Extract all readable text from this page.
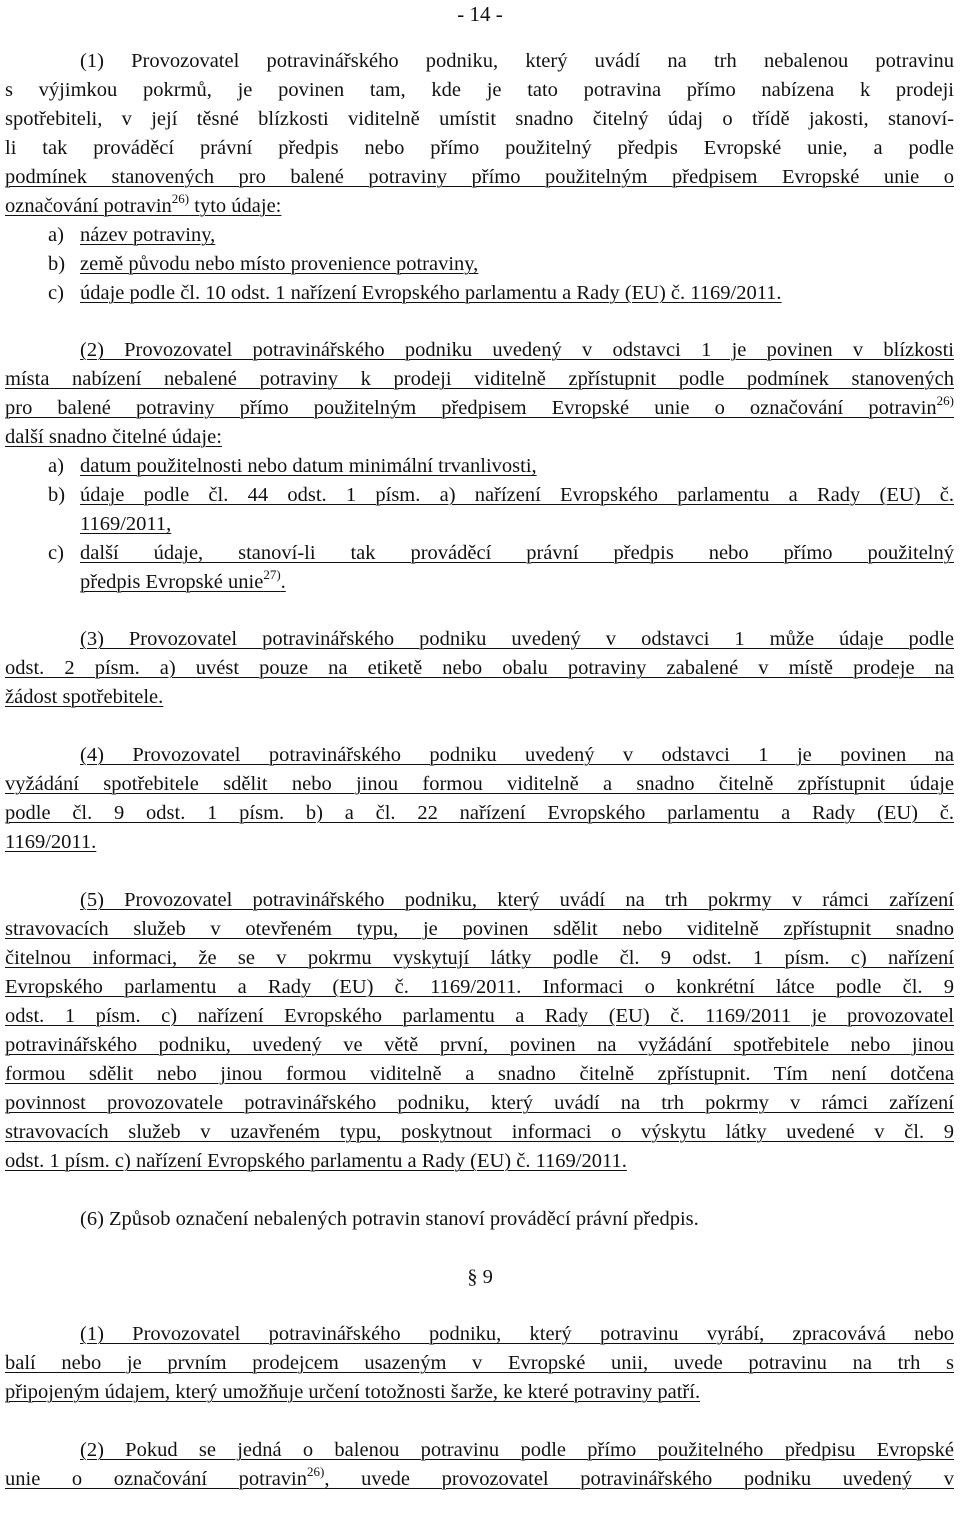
- 14 -
(1) Provozovatel potravinářského podniku, který uvádí na trh nebalenou potravinu
s výjimkou pokrmů, je povinen tam, kde je tato potravina přímo nabízena k prodeji
spotřebiteli, v její těsné blízkosti viditelně umístit snadno čitelný údaj o třídě jakosti, stanoví-
li tak prováděcí právní předpis nebo přímo použitelný předpis Evropské unie, a podle
podmínek stanovených pro balené potraviny přímo použitelným předpisem Evropské unie o
označování potravin$^{26)}$ tyto údaje:
a) název potraviny,
b) země původu nebo místo provenience potraviny,
c) údaje podle čl. 10 odst. 1 nařízení Evropského parlamentu a Rady (EU) č. 1169/2011.
(2) Provozovatel potravinářského podniku uvedený v odstavci 1 je povinen v blízkosti
místa nabízení nebalené potraviny k prodeji viditelně zpřístupnit podle podmínek stanovených
pro balené potraviny přímo použitelným předpisem Evropské unie o označování potravin$^{26)}$
další snadno čitelné údaje:
a) datum použitelnosti nebo datum minimální trvanlivosti,
b) údaje podle čl. 44 odst. 1 písm. a) nařízení Evropského parlamentu a Rady (EU) č.
1169/2011,
c) další údaje, stanoví-li tak prováděcí právní předpis nebo přímo použitelný
předpis Evropské unie$^{27)}$.
(3) Provozovatel potravinářského podniku uvedený v odstavci 1 může údaje podle
odst. 2 písm. a) uvést pouze na etiketě nebo obalu potraviny zabalené v místě prodeje na
žádost spotřebitele.
(4) Provozovatel potravinářského podniku uvedený v odstavci 1 je povinen na
vyžádání spotřebitele sdělit nebo jinou formou viditelně a snadno čitelně zpřístupnit údaje
podle čl. 9 odst. 1 písm. b) a čl. 22 nařízení Evropského parlamentu a Rady (EU) č.
1169/2011.
(5) Provozovatel potravinářského podniku, který uvádí na trh pokrmy v rámci zařízení
stravovacích služeb v otevřeném typu, je povinen sdělit nebo viditelně zpřístupnit snadno
čitelnou informaci, že se v pokrmu vyskytují látky podle čl. 9 odst. 1 písm. c) nařízení
Evropského parlamentu a Rady (EU) č. 1169/2011. Informaci o konkrétní látce podle čl. 9
odst. 1 písm. c) nařízení Evropského parlamentu a Rady (EU) č. 1169/2011 je provozovatel
potravinářského podniku, uvedený ve větě první, povinen na vyžádání spotřebitele nebo jinou
formou sdělit nebo jinou formou viditelně a snadno čitelně zpřístupnit. Tím není dotčena
povinnost provozovatele potravinářského podniku, který uvádí na trh pokrmy v rámci zařízení
stravovacích služeb v uzavřeném typu, poskytnout informaci o výskytu látky uvedené v čl. 9
odst. 1 písm. c) nařízení Evropského parlamentu a Rady (EU) č. 1169/2011.
(6) Způsob označení nebalených potravin stanoví prováděcí právní předpis.
§ 9
(1) Provozovatel potravinářského podniku, který potravinu vyrábí, zpracovává nebo
balí nebo je prvním prodejcem usazeným v Evropské unii, uvede potravinu na trh s
připojeným údajem, který umožňuje určení totožnosti šarže, ke které potraviny patří.
(2) Pokud se jedná o balenou potravinu podle přímo použitelného předpisu Evropské
unie o označování potravin$^{26)}$, uvede provozovatel potravinářského podniku uvedený v
